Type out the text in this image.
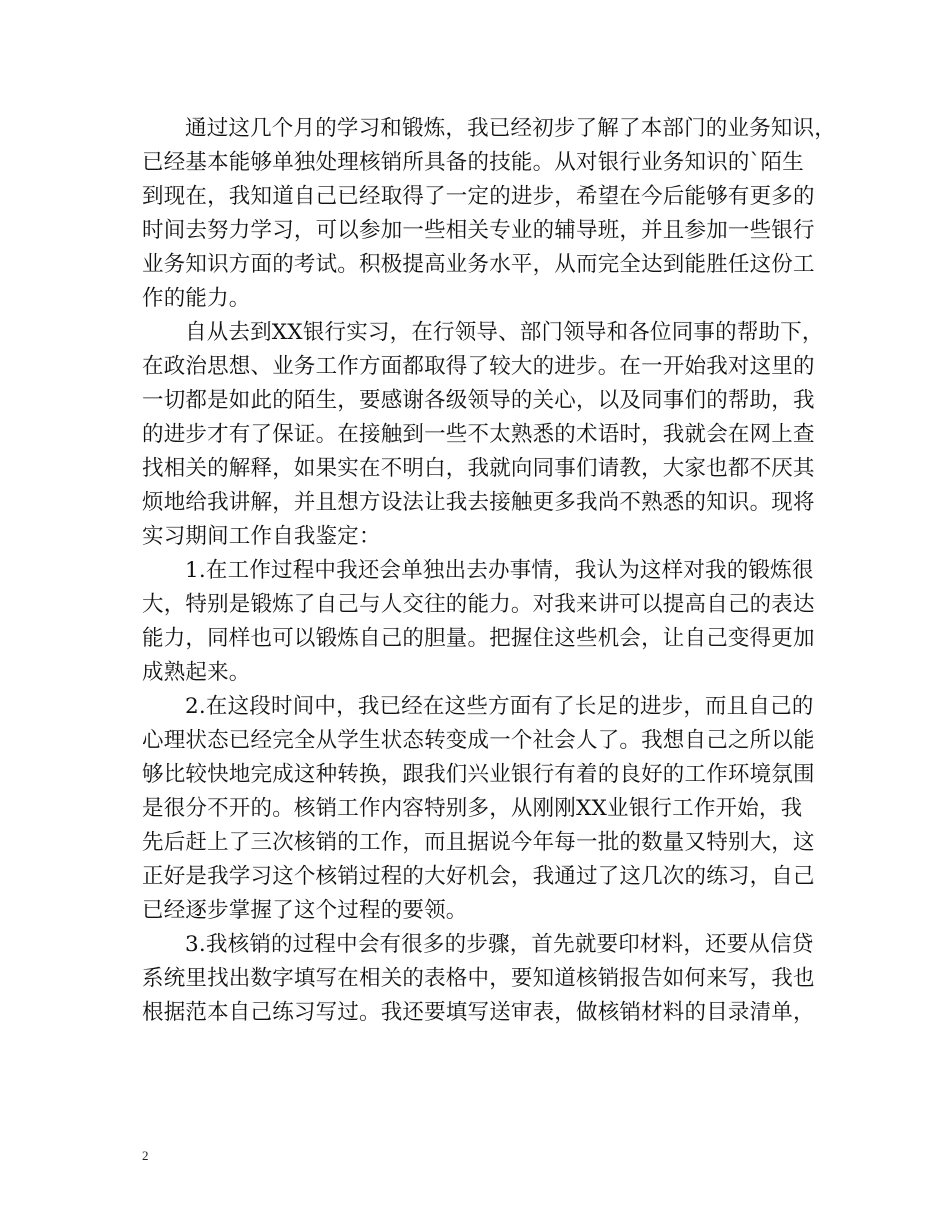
通过这几个月的学习和锻炼，我已经初步了解了本部门的业务知识，
已经基本能够单独处理核销所具备的技能。从对银行业务知识的`陌生
到现在，我知道自己已经取得了一定的进步，希望在今后能够有更多的
时间去努力学习，可以参加一些相关专业的辅导班，并且参加一些银行
业务知识方面的考试。积极提高业务水平，从而完全达到能胜任这份工
作的能力。
自从去到XX银行实习，在行领导、部门领导和各位同事的帮助下，
在政治思想、业务工作方面都取得了较大的进步。在一开始我对这里的
一切都是如此的陌生，要感谢各级领导的关心，以及同事们的帮助，我
的进步才有了保证。在接触到一些不太熟悉的术语时，我就会在网上查
找相关的解释，如果实在不明白，我就向同事们请教，大家也都不厌其
烦地给我讲解，并且想方设法让我去接触更多我尚不熟悉的知识。现将
实习期间工作自我鉴定：
1.在工作过程中我还会单独出去办事情，我认为这样对我的锻炼很
大，特别是锻炼了自己与人交往的能力。对我来讲可以提高自己的表达
能力，同样也可以锻炼自己的胆量。把握住这些机会，让自己变得更加
成熟起来。
2.在这段时间中，我已经在这些方面有了长足的进步，而且自己的
心理状态已经完全从学生状态转变成一个社会人了。我想自己之所以能
够比较快地完成这种转换，跟我们兴业银行有着的良好的工作环境氛围
是很分不开的。核销工作内容特别多，从刚刚XX业银行工作开始，我
先后赶上了三次核销的工作，而且据说今年每一批的数量又特别大，这
正好是我学习这个核销过程的大好机会，我通过了这几次的练习，自己
已经逐步掌握了这个过程的要领。
3.我核销的过程中会有很多的步骤，首先就要印材料，还要从信贷
系统里找出数字填写在相关的表格中，要知道核销报告如何来写，我也
根据范本自己练习写过。我还要填写送审表，做核销材料的目录清单，
2
